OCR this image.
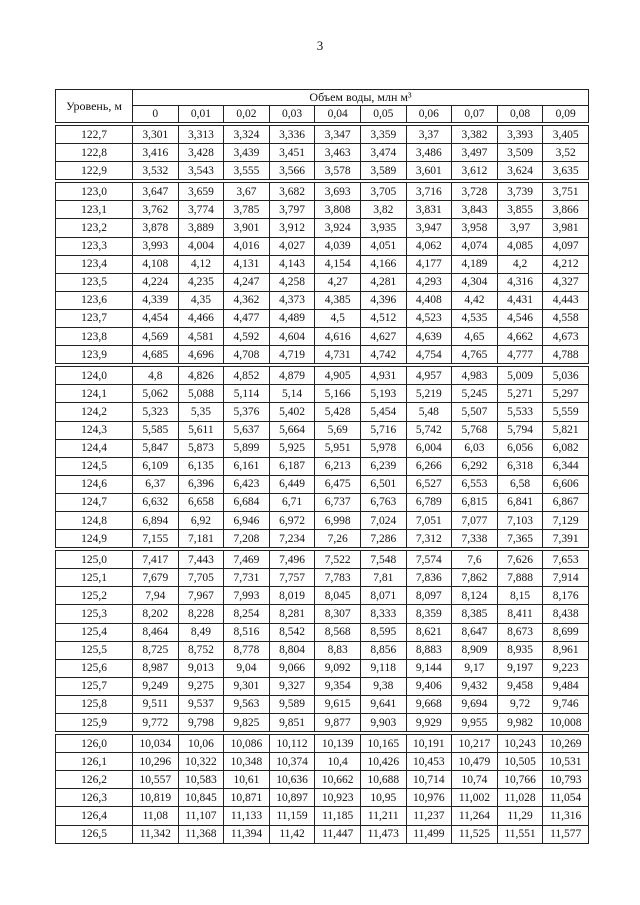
3
Уровень, м	Объем воды, млн м³									
	0	0,01	0,02	0,03	0,04	0,05	0,06	0,07	0,08	0,09
122,7	3,301	3,313	3,324	3,336	3,347	3,359	3,37	3,382	3,393	3,405
122,8	3,416	3,428	3,439	3,451	3,463	3,474	3,486	3,497	3,509	3,52
122,9	3,532	3,543	3,555	3,566	3,578	3,589	3,601	3,612	3,624	3,635
123,0	3,647	3,659	3,67	3,682	3,693	3,705	3,716	3,728	3,739	3,751
123,1	3,762	3,774	3,785	3,797	3,808	3,82	3,831	3,843	3,855	3,866
123,2	3,878	3,889	3,901	3,912	3,924	3,935	3,947	3,958	3,97	3,981
123,3	3,993	4,004	4,016	4,027	4,039	4,051	4,062	4,074	4,085	4,097
123,4	4,108	4,12	4,131	4,143	4,154	4,166	4,177	4,189	4,2	4,212
123,5	4,224	4,235	4,247	4,258	4,27	4,281	4,293	4,304	4,316	4,327
123,6	4,339	4,35	4,362	4,373	4,385	4,396	4,408	4,42	4,431	4,443
123,7	4,454	4,466	4,477	4,489	4,5	4,512	4,523	4,535	4,546	4,558
123,8	4,569	4,581	4,592	4,604	4,616	4,627	4,639	4,65	4,662	4,673
123,9	4,685	4,696	4,708	4,719	4,731	4,742	4,754	4,765	4,777	4,788
124,0	4,8	4,826	4,852	4,879	4,905	4,931	4,957	4,983	5,009	5,036
124,1	5,062	5,088	5,114	5,14	5,166	5,193	5,219	5,245	5,271	5,297
124,2	5,323	5,35	5,376	5,402	5,428	5,454	5,48	5,507	5,533	5,559
124,3	5,585	5,611	5,637	5,664	5,69	5,716	5,742	5,768	5,794	5,821
124,4	5,847	5,873	5,899	5,925	5,951	5,978	6,004	6,03	6,056	6,082
124,5	6,109	6,135	6,161	6,187	6,213	6,239	6,266	6,292	6,318	6,344
124,6	6,37	6,396	6,423	6,449	6,475	6,501	6,527	6,553	6,58	6,606
124,7	6,632	6,658	6,684	6,71	6,737	6,763	6,789	6,815	6,841	6,867
124,8	6,894	6,92	6,946	6,972	6,998	7,024	7,051	7,077	7,103	7,129
124,9	7,155	7,181	7,208	7,234	7,26	7,286	7,312	7,338	7,365	7,391
125,0	7,417	7,443	7,469	7,496	7,522	7,548	7,574	7,6	7,626	7,653
125,1	7,679	7,705	7,731	7,757	7,783	7,81	7,836	7,862	7,888	7,914
125,2	7,94	7,967	7,993	8,019	8,045	8,071	8,097	8,124	8,15	8,176
125,3	8,202	8,228	8,254	8,281	8,307	8,333	8,359	8,385	8,411	8,438
125,4	8,464	8,49	8,516	8,542	8,568	8,595	8,621	8,647	8,673	8,699
125,5	8,725	8,752	8,778	8,804	8,83	8,856	8,883	8,909	8,935	8,961
125,6	8,987	9,013	9,04	9,066	9,092	9,118	9,144	9,17	9,197	9,223
125,7	9,249	9,275	9,301	9,327	9,354	9,38	9,406	9,432	9,458	9,484
125,8	9,511	9,537	9,563	9,589	9,615	9,641	9,668	9,694	9,72	9,746
125,9	9,772	9,798	9,825	9,851	9,877	9,903	9,929	9,955	9,982	10,008
126,0	10,034	10,06	10,086	10,112	10,139	10,165	10,191	10,217	10,243	10,269
126,1	10,296	10,322	10,348	10,374	10,4	10,426	10,453	10,479	10,505	10,531
126,2	10,557	10,583	10,61	10,636	10,662	10,688	10,714	10,74	10,766	10,793
126,3	10,819	10,845	10,871	10,897	10,923	10,95	10,976	11,002	11,028	11,054
126,4	11,08	11,107	11,133	11,159	11,185	11,211	11,237	11,264	11,29	11,316
126,5	11,342	11,368	11,394	11,42	11,447	11,473	11,499	11,525	11,551	11,577
